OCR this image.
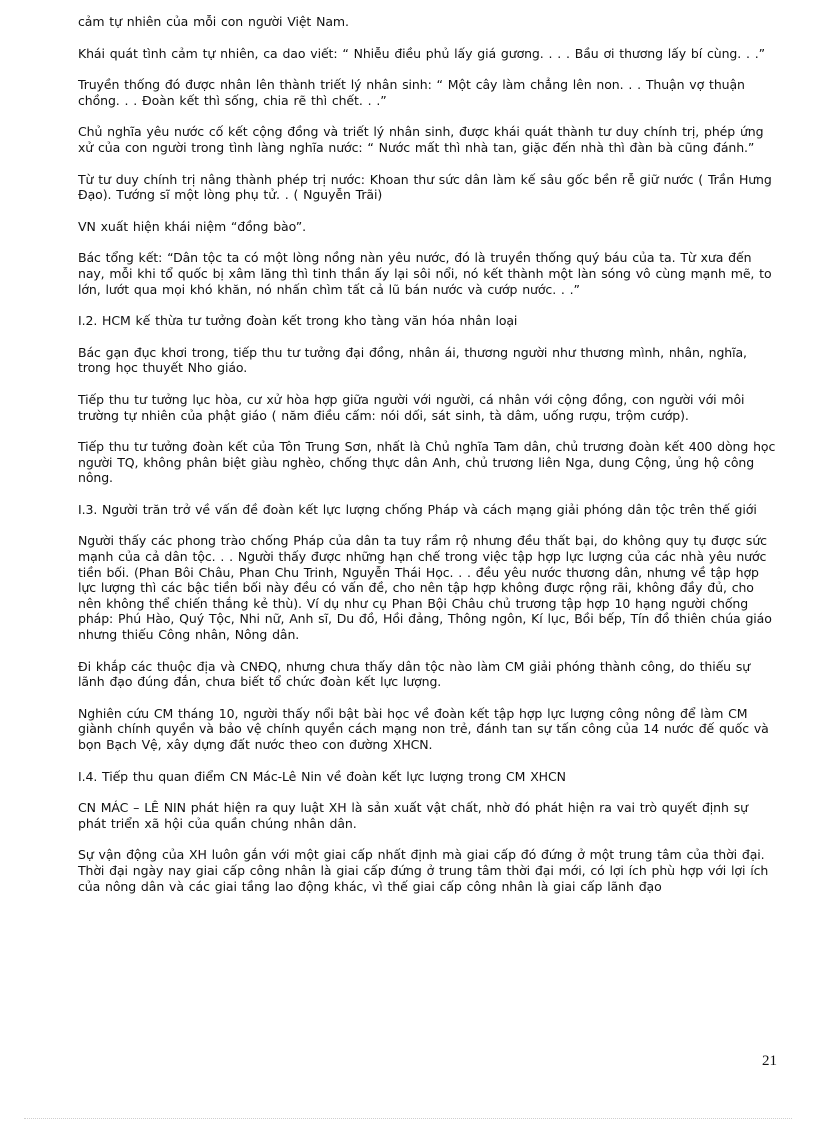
cảm tự nhiên của mỗi con người Việt Nam.

Khái quát tình cảm tự nhiên, ca dao viết: “ Nhiễu điều phủ lấy giá gương. . . . Bầu ơi thương lấy bí cùng. . .”

Truyền thống đó được nhân lên thành triết lý nhân sinh: “ Một cây làm chẳng lên non. . . Thuận vợ thuận chồng. . . Đoàn kết thì sống, chia rẽ thì chết. . .”

Chủ nghĩa yêu nước cố kết cộng đồng và triết lý nhân sinh, được khái quát thành tư duy chính trị, phép ứng xử của con người trong tình làng nghĩa nước: “ Nước mất thì nhà tan, giặc đến nhà thì đàn bà cũng đánh.”

Từ tư duy chính trị nâng thành phép trị nước: Khoan thư sức dân làm kế sâu gốc bền rễ giữ nước ( Trần Hưng Đạo). Tướng sĩ một lòng phụ tử. . ( Nguyễn Trãi)

VN xuất hiện khái niệm “đồng bào”.

Bác tổng kết: “Dân tộc ta có một lòng nồng nàn yêu nước, đó là truyền thống quý báu của ta. Từ xưa đến nay, mỗi khi tổ quốc bị xâm lăng thì tinh thần ấy lại sôi nổi, nó kết thành một làn sóng vô cùng mạnh mẽ, to lớn, lướt qua mọi khó khăn, nó nhấn chìm tất cả lũ bán nước và cướp nước. . .”

I.2. HCM kế thừa tư tưởng đoàn kết trong kho tàng văn hóa nhân loại

Bác gạn đục khơi trong, tiếp thu tư tưởng đại đồng, nhân ái, thương người như thương mình, nhân, nghĩa, trong học thuyết Nho giáo.

Tiếp thu tư tưởng lục hòa, cư xử hòa hợp giữa người với người, cá nhân với cộng đồng, con người với môi trường tự nhiên của phật giáo ( năm điều cấm: nói dối, sát sinh, tà dâm, uống rượu, trộm cướp).

Tiếp thu tư tưởng đoàn kết của Tôn Trung Sơn, nhất là Chủ nghĩa Tam dân, chủ trương đoàn kết 400 dòng học người TQ, không phân biệt giàu nghèo, chống thực dân Anh, chủ trương liên Nga, dung Cộng, ủng hộ công nông.

I.3. Người trăn trở về vấn đề đoàn kết lực lượng chống Pháp và cách mạng giải phóng dân tộc trên thế giới

Người thấy các phong trào chống Pháp của dân ta tuy rầm rộ nhưng đều thất bại, do không quy tụ được sức mạnh của cả dân tộc. . . Người thấy được những hạn chế trong việc tập hợp lực lượng của các nhà yêu nước tiền bối. (Phan Bôi Châu, Phan Chu Trinh, Nguyễn Thái Học. . . đều yêu nước thương dân, nhưng về tập hợp lực lượng thì các bậc tiền bối này đều có vấn đề, cho nên tập hợp không được rộng rãi, không đầy đủ, cho nên không thể chiến thắng kẻ thù). Ví dụ như cụ Phan Bội Châu chủ trương tập hợp 10 hạng người chống pháp: Phú Hào, Quý Tộc, Nhi nữ, Anh sĩ, Du đồ, Hồi đảng, Thông ngôn, Kí lục, Bồi bếp, Tín đồ thiên chúa giáo nhưng thiếu Công nhân, Nông dân.

Đi khắp các thuộc địa và CNĐQ, nhưng chưa thấy dân tộc nào làm CM giải phóng thành công, do thiếu sự lãnh đạo đúng đắn, chưa biết tổ chức đoàn kết lực lượng.

Nghiên cứu CM tháng 10, người thấy nổi bật bài học về đoàn kết tập hợp lực lượng công nông để làm CM giành chính quyền và bảo vệ chính quyền cách mạng non trẻ, đánh tan sự tấn công của 14 nước đế quốc và bọn Bạch Vệ, xây dựng đất nước theo con đường XHCN.

I.4. Tiếp thu quan điểm CN Mác-Lê Nin về đoàn kết lực lượng trong CM XHCN

CN MÁC – LÊ NIN phát hiện ra quy luật XH là sản xuất vật chất, nhờ đó phát hiện ra vai trò quyết định sự phát triển xã hội của quần chúng nhân dân.

Sự vận động của XH luôn gắn với một giai cấp nhất định mà giai cấp đó đứng ở một trung tâm của thời đại. Thời đại ngày nay giai cấp công nhân là giai cấp đứng ở trung tâm thời đại mới, có lợi ích phù hợp với lợi ích của nông dân và các giai tầng lao động khác, vì thế giai cấp công nhân là giai cấp lãnh đạo

21
